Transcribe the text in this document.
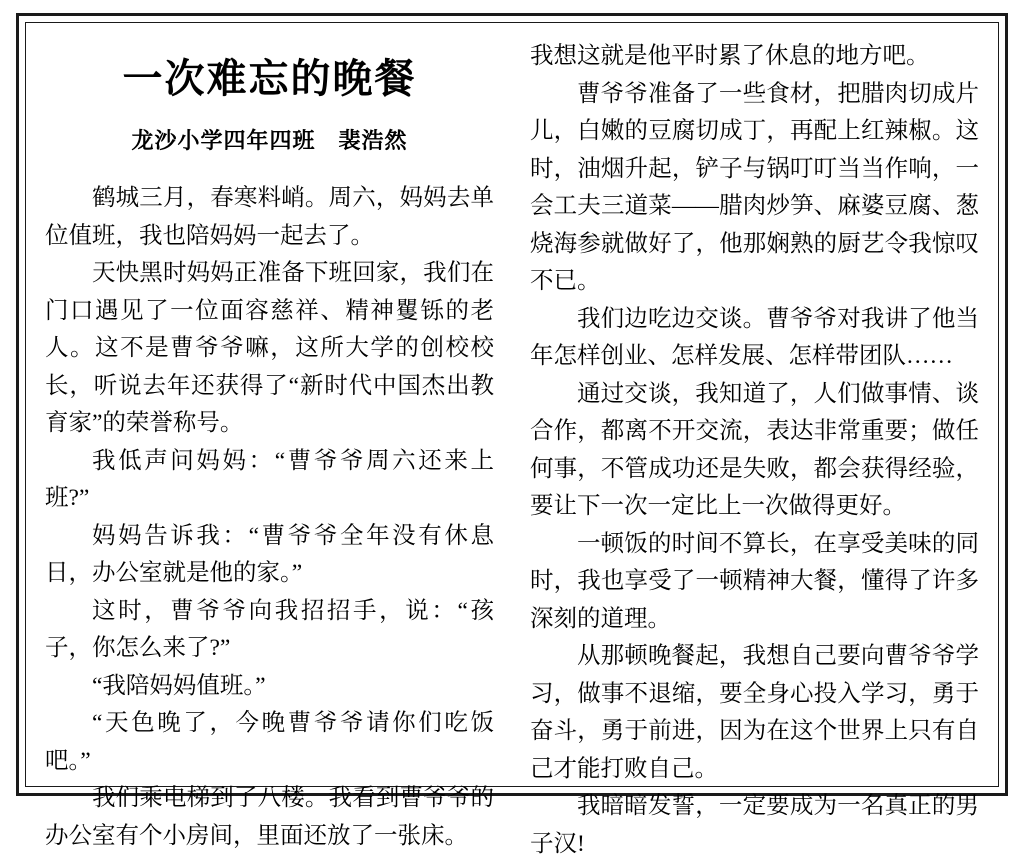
一次难忘的晚餐
龙沙小学四年四班　裴浩然

鹤城三月，春寒料峭。周六，妈妈去单位值班，我也陪妈妈一起去了。

天快黑时妈妈正准备下班回家，我们在门口遇见了一位面容慈祥、精神矍铄的老人。这不是曹爷爷嘛，这所大学的创校校长，听说去年还获得了“新时代中国杰出教育家”的荣誉称号。

我低声问妈妈：“曹爷爷周六还来上班?”

妈妈告诉我：“曹爷爷全年没有休息日，办公室就是他的家。”

这时，曹爷爷向我招招手，说：“孩子，你怎么来了?”

“我陪妈妈值班。”

“天色晚了，今晚曹爷爷请你们吃饭吧。”

我们乘电梯到了八楼。我看到曹爷爷的办公室有个小房间，里面还放了一张床。

我想这就是他平时累了休息的地方吧。

曹爷爷准备了一些食材，把腊肉切成片儿，白嫩的豆腐切成丁，再配上红辣椒。这时，油烟升起，铲子与锅叮叮当当作响，一会工夫三道菜——腊肉炒笋、麻婆豆腐、葱烧海参就做好了，他那娴熟的厨艺令我惊叹不已。

我们边吃边交谈。曹爷爷对我讲了他当年怎样创业、怎样发展、怎样带团队……

通过交谈，我知道了，人们做事情、谈合作，都离不开交流，表达非常重要；做任何事，不管成功还是失败，都会获得经验，要让下一次一定比上一次做得更好。

一顿饭的时间不算长，在享受美味的同时，我也享受了一顿精神大餐，懂得了许多深刻的道理。

从那顿晚餐起，我想自己要向曹爷爷学习，做事不退缩，要全身心投入学习，勇于奋斗，勇于前进，因为在这个世界上只有自己才能打败自己。

我暗暗发誓，一定要成为一名真正的男子汉!
